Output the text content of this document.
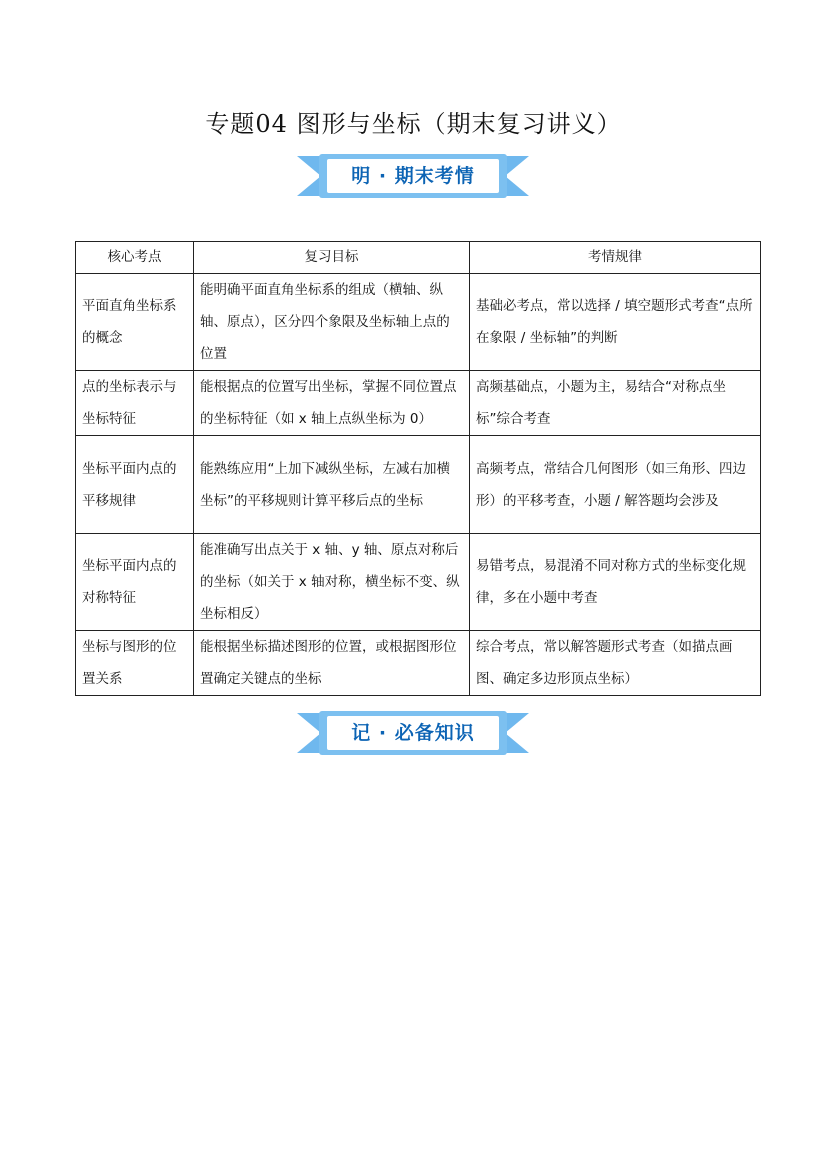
专题04 图形与坐标（期末复习讲义）
明 · 期末考情
核心考点	复习目标	考情规律
平面直角坐标系的概念	能明确平面直角坐标系的组成（横轴、纵轴、原点），区分四个象限及坐标轴上点的位置	基础必考点，常以选择 / 填空题形式考查“点所在象限 / 坐标轴”的判断
点的坐标表示与坐标特征	能根据点的位置写出坐标，掌握不同位置点的坐标特征（如 x 轴上点纵坐标为 0）	高频基础点，小题为主，易结合“对称点坐标”综合考查
坐标平面内点的平移规律	能熟练应用“上加下减纵坐标，左减右加横坐标”的平移规则计算平移后点的坐标	高频考点，常结合几何图形（如三角形、四边形）的平移考查，小题 / 解答题均会涉及
坐标平面内点的对称特征	能准确写出点关于 x 轴、y 轴、原点对称后的坐标（如关于 x 轴对称，横坐标不变、纵坐标相反）	易错考点，易混淆不同对称方式的坐标变化规律，多在小题中考查
坐标与图形的位置关系	能根据坐标描述图形的位置，或根据图形位置确定关键点的坐标	综合考点，常以解答题形式考查（如描点画图、确定多边形顶点坐标）
记 · 必备知识
